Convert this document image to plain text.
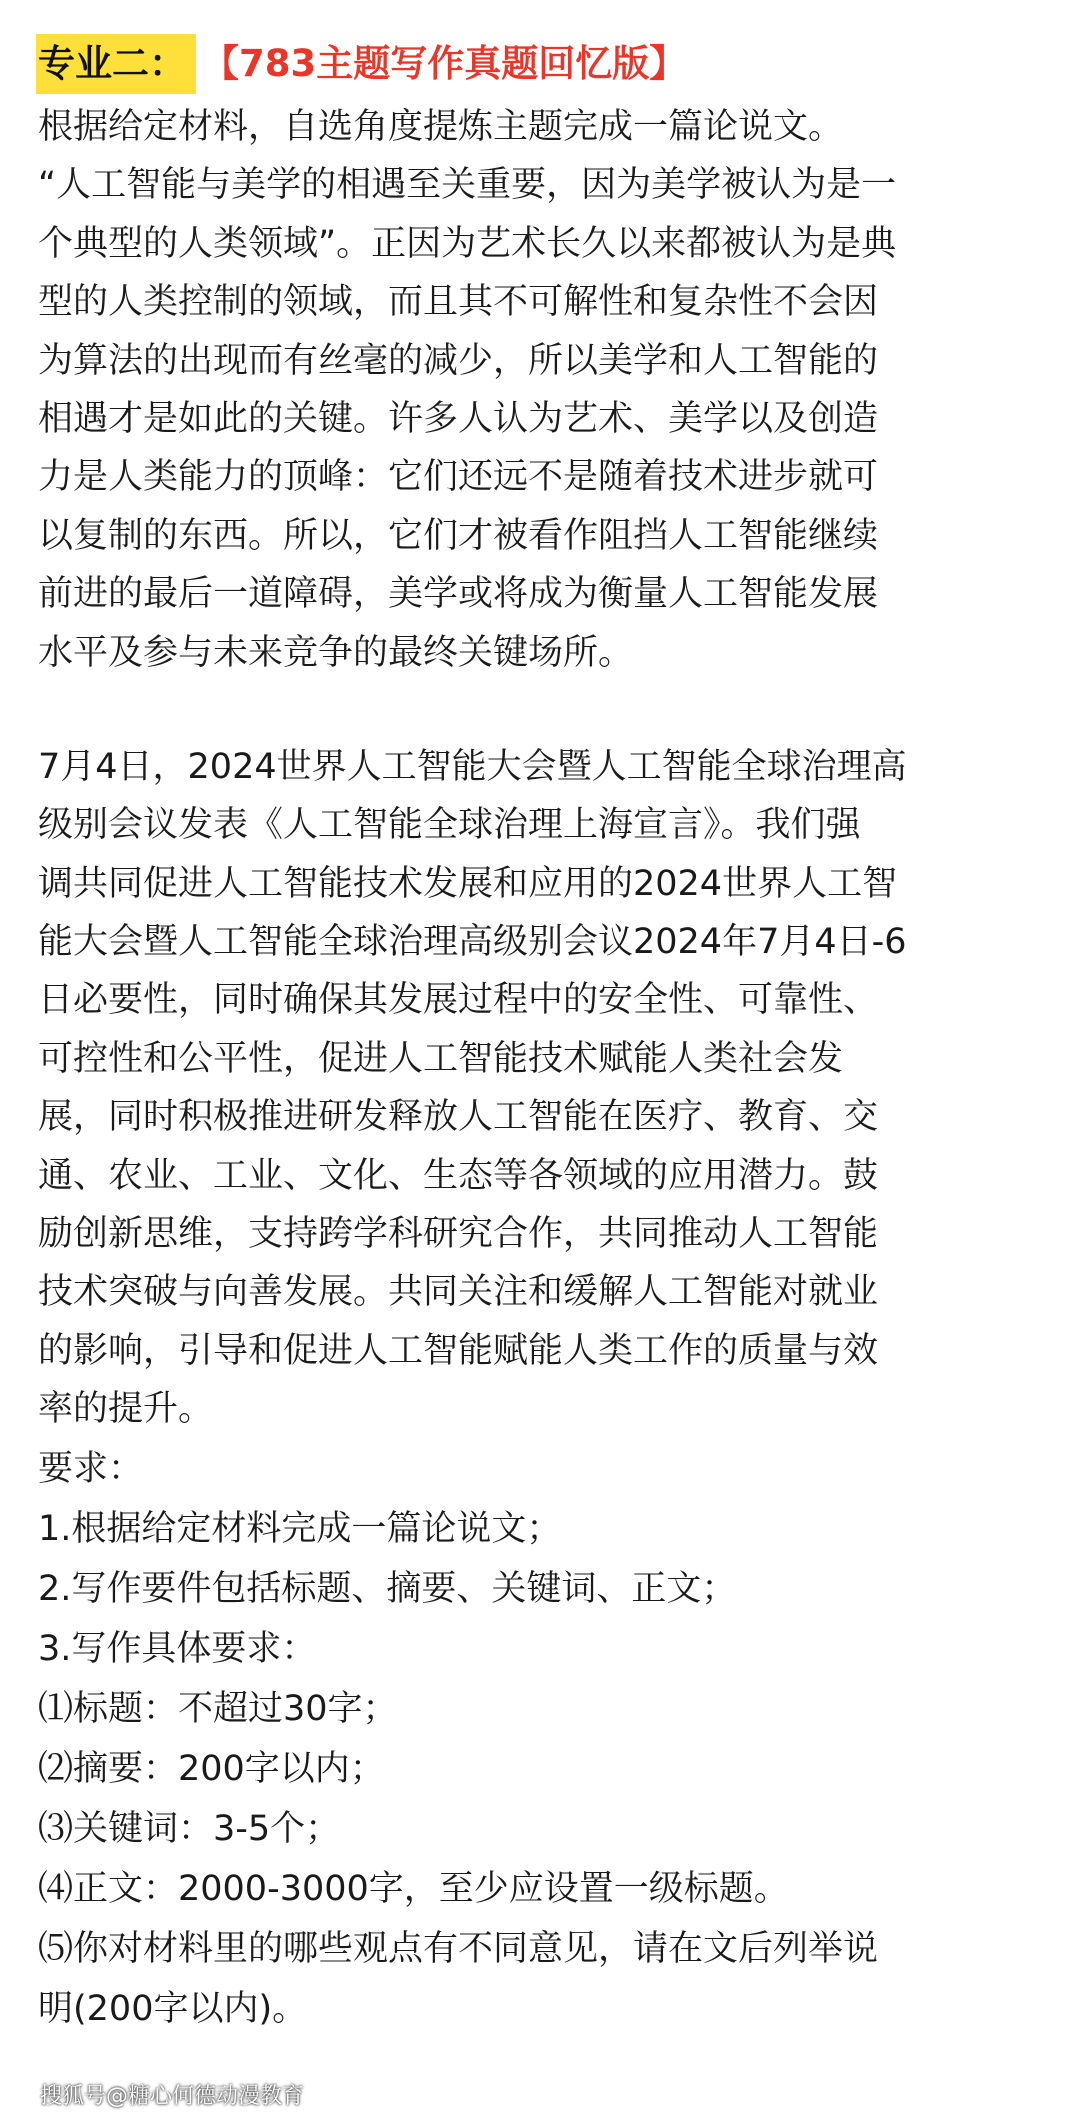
专业二： 【783主题写作真题回忆版】
根据给定材料，自选角度提炼主题完成一篇论说文。
“人工智能与美学的相遇至关重要，因为美学被认为是一
个典型的人类领域”。正因为艺术长久以来都被认为是典
型的人类控制的领域，而且其不可解性和复杂性不会因
为算法的出现而有丝毫的减少，所以美学和人工智能的
相遇才是如此的关键。许多人认为艺术、美学以及创造
力是人类能力的顶峰：它们还远不是随着技术进步就可
以复制的东西。所以，它们才被看作阻挡人工智能继续
前进的最后一道障碍，美学或将成为衡量人工智能发展
水平及参与未来竞争的最终关键场所。
7月4日，2024世界人工智能大会暨人工智能全球治理高
级别会议发表《人工智能全球治理上海宣言》。我们强
调共同促进人工智能技术发展和应用的2024世界人工智
能大会暨人工智能全球治理高级别会议2024年7月4日-6
日必要性，同时确保其发展过程中的安全性、可靠性、
可控性和公平性，促进人工智能技术赋能人类社会发
展，同时积极推进研发释放人工智能在医疗、教育、交
通、农业、工业、文化、生态等各领域的应用潜力。鼓
励创新思维，支持跨学科研究合作，共同推动人工智能
技术突破与向善发展。共同关注和缓解人工智能对就业
的影响，引导和促进人工智能赋能人类工作的质量与效
率的提升。
要求：
1.根据给定材料完成一篇论说文；
2.写作要件包括标题、摘要、关键词、正文；
3.写作具体要求：
⑴标题：不超过30字；
⑵摘要：200字以内；
⑶关键词：3-5个；
⑷正文：2000-3000字，至少应设置一级标题。
⑸你对材料里的哪些观点有不同意见，请在文后列举说
明(200字以内)。
搜狐号@糖心何德动漫教育
